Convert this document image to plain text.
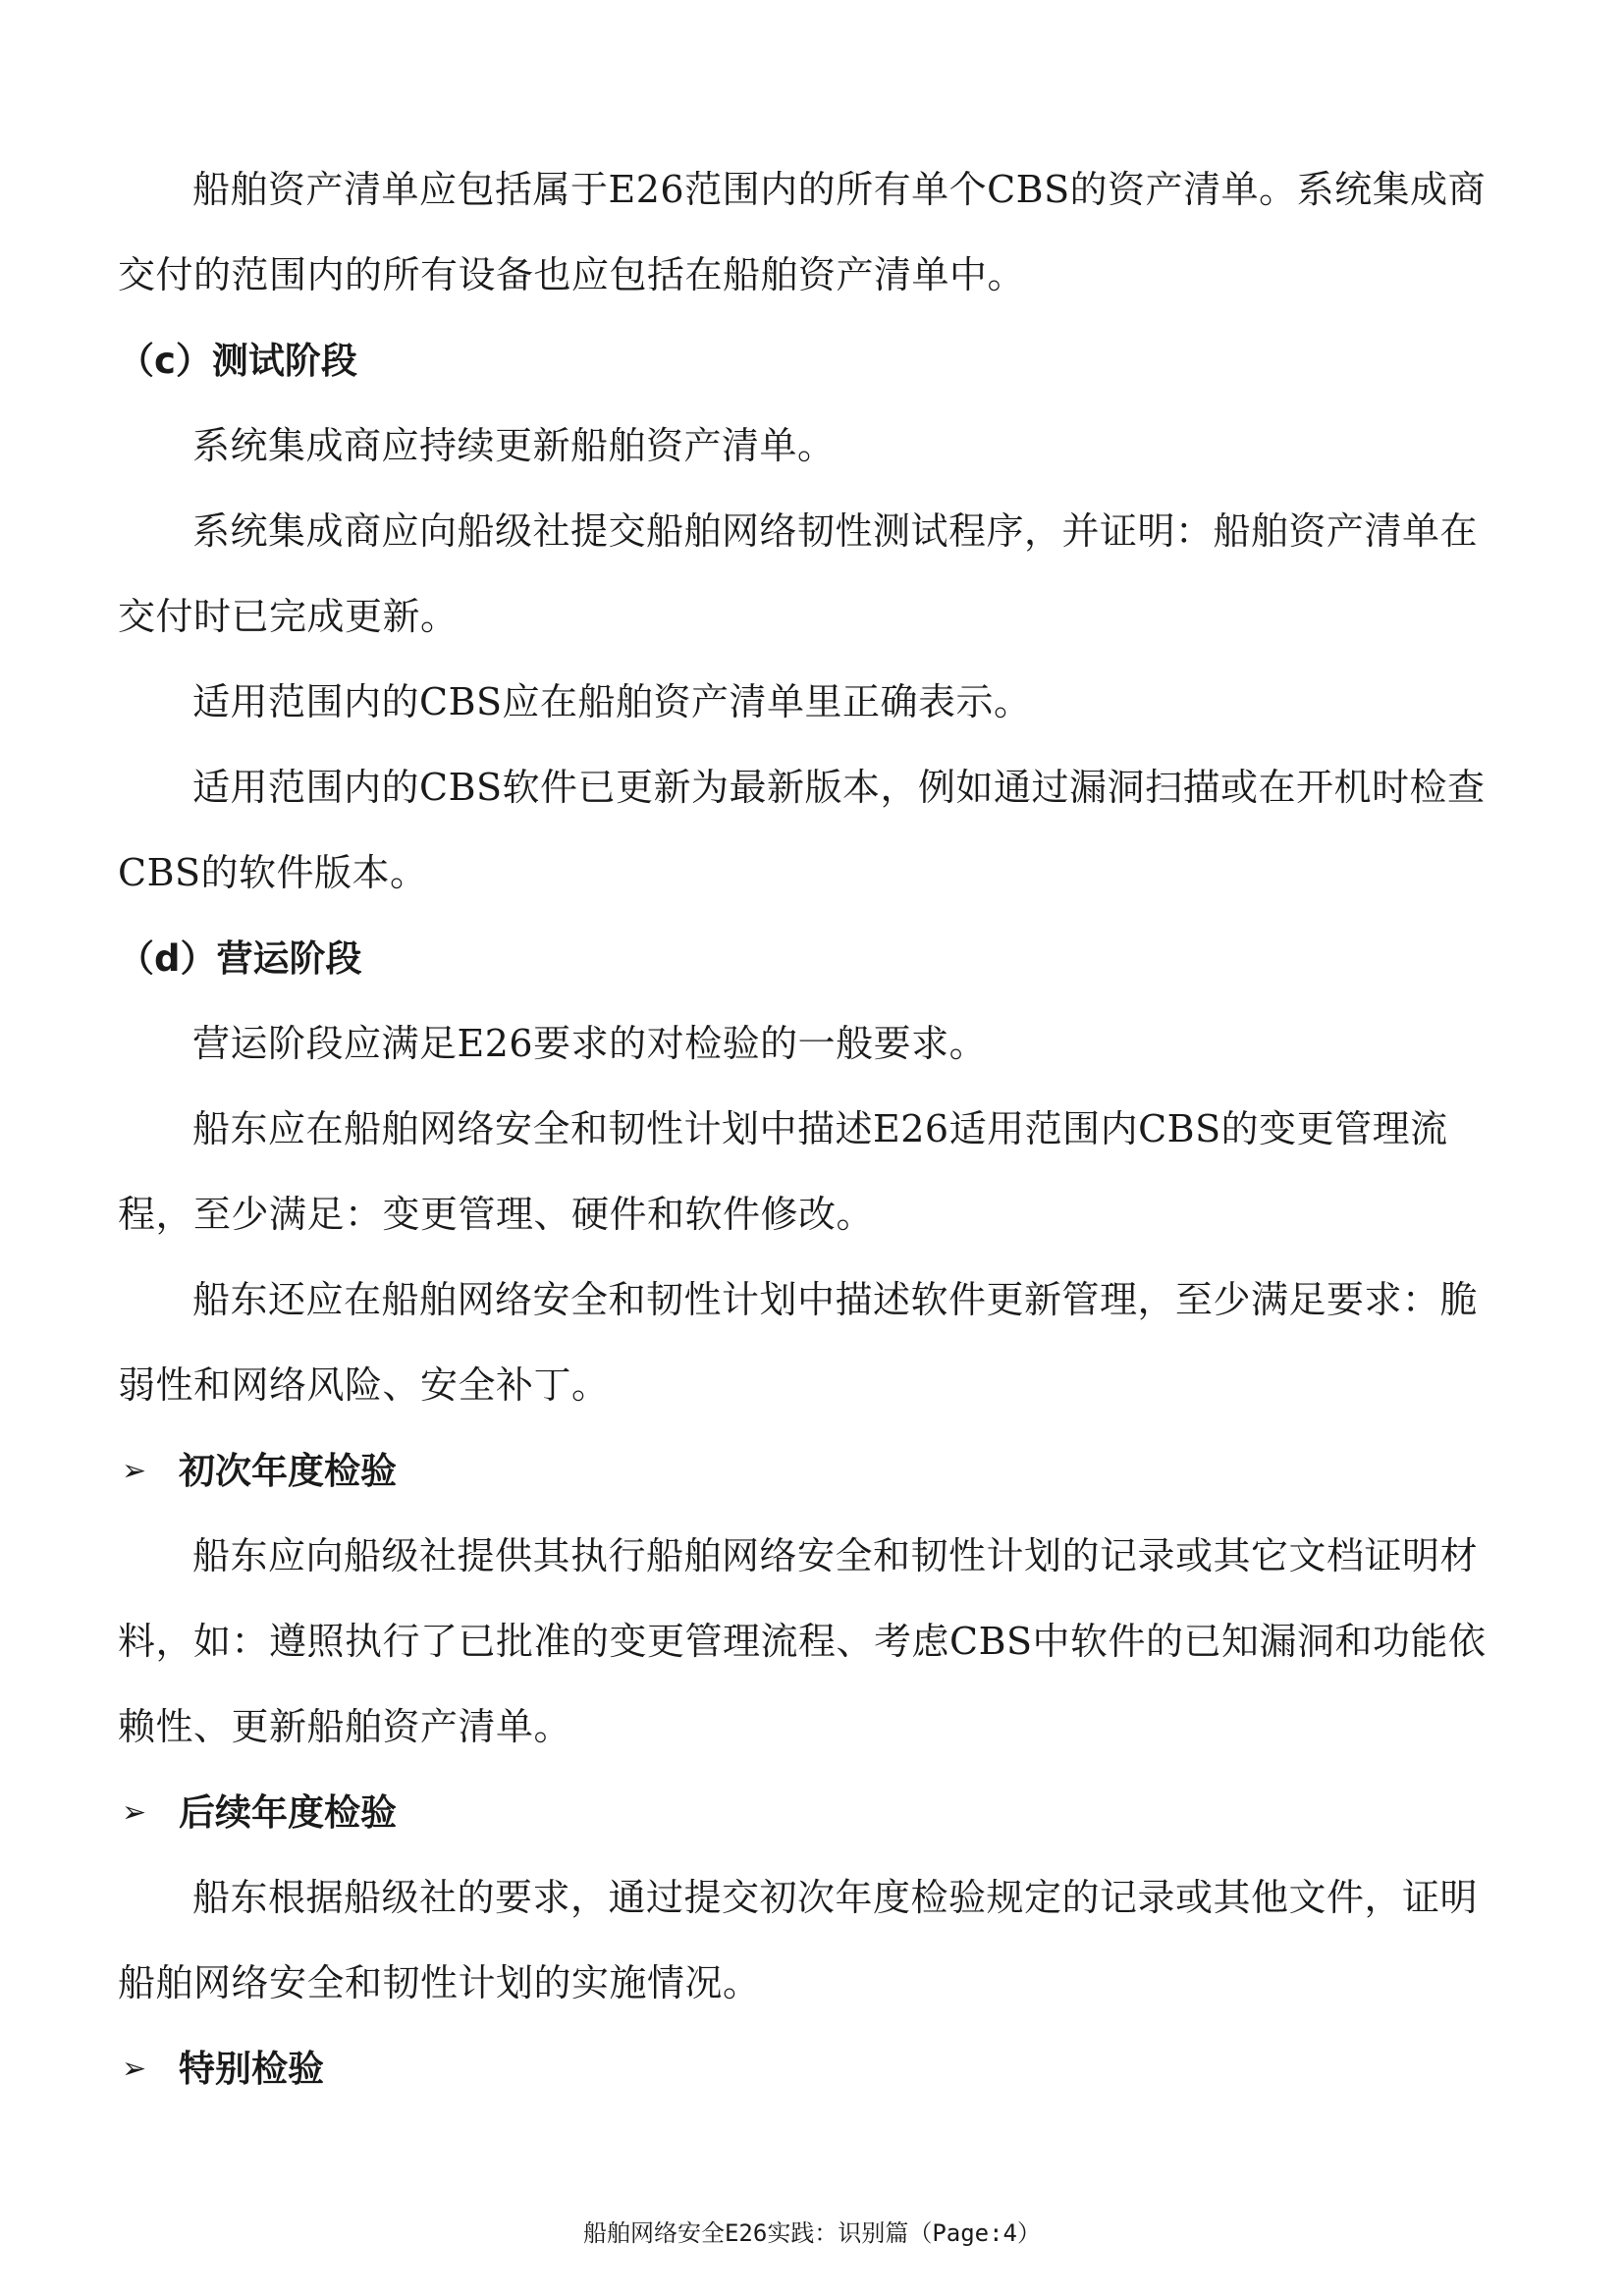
船舶资产清单应包括属于E26范围内的所有单个CBS的资产清单。系统集成商交付的范围内的所有设备也应包括在船舶资产清单中。

（c）测试阶段

系统集成商应持续更新船舶资产清单。

系统集成商应向船级社提交船舶网络韧性测试程序，并证明：船舶资产清单在交付时已完成更新。

适用范围内的CBS应在船舶资产清单里正确表示。

适用范围内的CBS软件已更新为最新版本，例如通过漏洞扫描或在开机时检查CBS的软件版本。

（d）营运阶段

营运阶段应满足E26要求的对检验的一般要求。

船东应在船舶网络安全和韧性计划中描述E26适用范围内CBS的变更管理流程，至少满足：变更管理、硬件和软件修改。

船东还应在船舶网络安全和韧性计划中描述软件更新管理，至少满足要求：脆弱性和网络风险、安全补丁。

➢ 初次年度检验

船东应向船级社提供其执行船舶网络安全和韧性计划的记录或其它文档证明材料，如：遵照执行了已批准的变更管理流程、考虑CBS中软件的已知漏洞和功能依赖性、更新船舶资产清单。

➢ 后续年度检验

船东根据船级社的要求，通过提交初次年度检验规定的记录或其他文件，证明船舶网络安全和韧性计划的实施情况。

➢ 特别检验
船舶网络安全E26实践：识别篇（Page:4）
